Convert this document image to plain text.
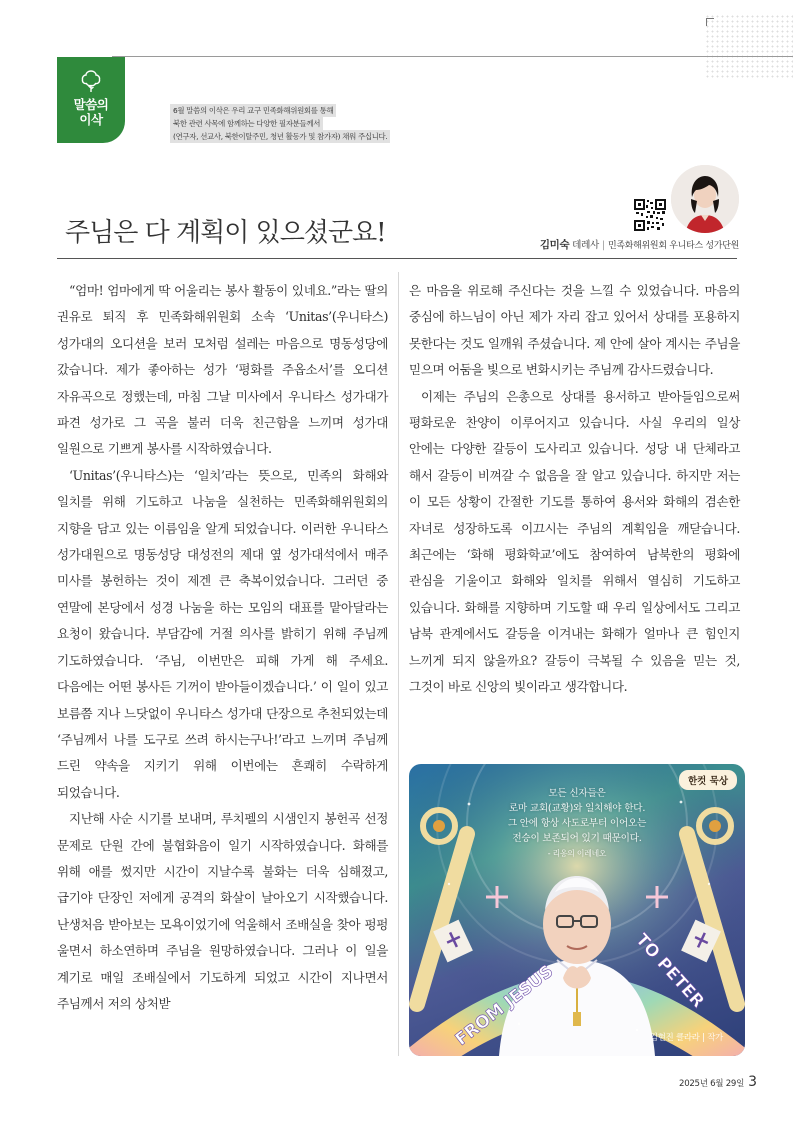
말씀의
이삭
6월 말씀의 이삭은 우리 교구 민족화해위원회를 통해
북한 관련 사목에 함께하는 다양한 필자분들께서
(연구자, 선교사, 북한이탈주민, 청년 활동가 및 참가자) 채워 주십니다.
주님은 다 계획이 있으셨군요!	김미숙 데레사 | 민족화해위원회 우니타스 성가단원

“엄마! 엄마에게 딱 어울리는 봉사 활동이 있네요.”라는 딸의 권유로 퇴직 후 민족화해위원회 소속 ‘Unitas’(우니타스) 성가대의 오디션을 보러 모처럼 설레는 마음으로 명동성당에 갔습니다. 제가 좋아하는 성가 ‘평화를 주옵소서’를 오디션 자유곡으로 정했는데, 마침 그날 미사에서 우니타스 성가대가 파견 성가로 그 곡을 불러 더욱 친근함을 느끼며 성가대 일원으로 기쁘게 봉사를 시작하였습니다.

‘Unitas’(우니타스)는 ‘일치’라는 뜻으로, 민족의 화해와 일치를 위해 기도하고 나눔을 실천하는 민족화해위원회의 지향을 담고 있는 이름임을 알게 되었습니다. 이러한 우니타스 성가대원으로 명동성당 대성전의 제대 옆 성가대석에서 매주 미사를 봉헌하는 것이 제겐 큰 축복이었습니다. 그러던 중 연말에 본당에서 성경 나눔을 하는 모임의 대표를 맡아달라는 요청이 왔습니다. 부담감에 거절 의사를 밝히기 위해 주님께 기도하였습니다. ‘주님, 이번만은 피해 가게 해 주세요. 다음에는 어떤 봉사든 기꺼이 받아들이겠습니다.’ 이 일이 있고 보름쯤 지나 느닷없이 우니타스 성가대 단장으로 추천되었는데 ‘주님께서 나를 도구로 쓰려 하시는구나!’라고 느끼며 주님께 드린 약속을 지키기 위해 이번에는 흔쾌히 수락하게 되었습니다.

지난해 사순 시기를 보내며, 루치펠의 시샘인지 봉헌곡 선정 문제로 단원 간에 불협화음이 일기 시작하였습니다. 화해를 위해 애를 썼지만 시간이 지날수록 불화는 더욱 심해졌고, 급기야 단장인 저에게 공격의 화살이 날아오기 시작했습니다. 난생처음 받아보는 모욕이었기에 억울해서 조배실을 찾아 펑펑 울면서 하소연하며 주님을 원망하였습니다. 그러나 이 일을 계기로 매일 조배실에서 기도하게 되었고 시간이 지나면서 주님께서 저의 상처받

은 마음을 위로해 주신다는 것을 느낄 수 있었습니다. 마음의 중심에 하느님이 아닌 제가 자리 잡고 있어서 상대를 포용하지 못한다는 것도 일깨워 주셨습니다. 제 안에 살아 계시는 주님을 믿으며 어둠을 빛으로 변화시키는 주님께 감사드렸습니다.

이제는 주님의 은총으로 상대를 용서하고 받아들임으로써 평화로운 찬양이 이루어지고 있습니다. 사실 우리의 일상 안에는 다양한 갈등이 도사리고 있습니다. 성당 내 단체라고 해서 갈등이 비껴갈 수 없음을 잘 알고 있습니다. 하지만 저는 이 모든 상황이 간절한 기도를 통하여 용서와 화해의 겸손한 자녀로 성장하도록 이끄시는 주님의 계획임을 깨닫습니다. 최근에는 ‘화해 평화학교’에도 참여하여 남북한의 평화에 관심을 기울이고 화해와 일치를 위해서 열심히 기도하고 있습니다. 화해를 지향하며 기도할 때 우리 일상에서도 그리고 남북 관계에서도 갈등을 이겨내는 화해가 얼마나 큰 힘인지 느끼게 되지 않을까요? 갈등이 극복될 수 있음을 믿는 것, 그것이 바로 신앙의 빛이라고 생각합니다.

한컷 묵상
모든 신자들은
로마 교회(교황)와 일치해야 한다.
그 안에 항상 사도로부터 이어오는
전승이 보존되어 있기 때문이다.
- 리옹의 이레네오
FROM JESUS	TO PETER
김현진 클라라 | 작가
2025년 6월 29일 3
